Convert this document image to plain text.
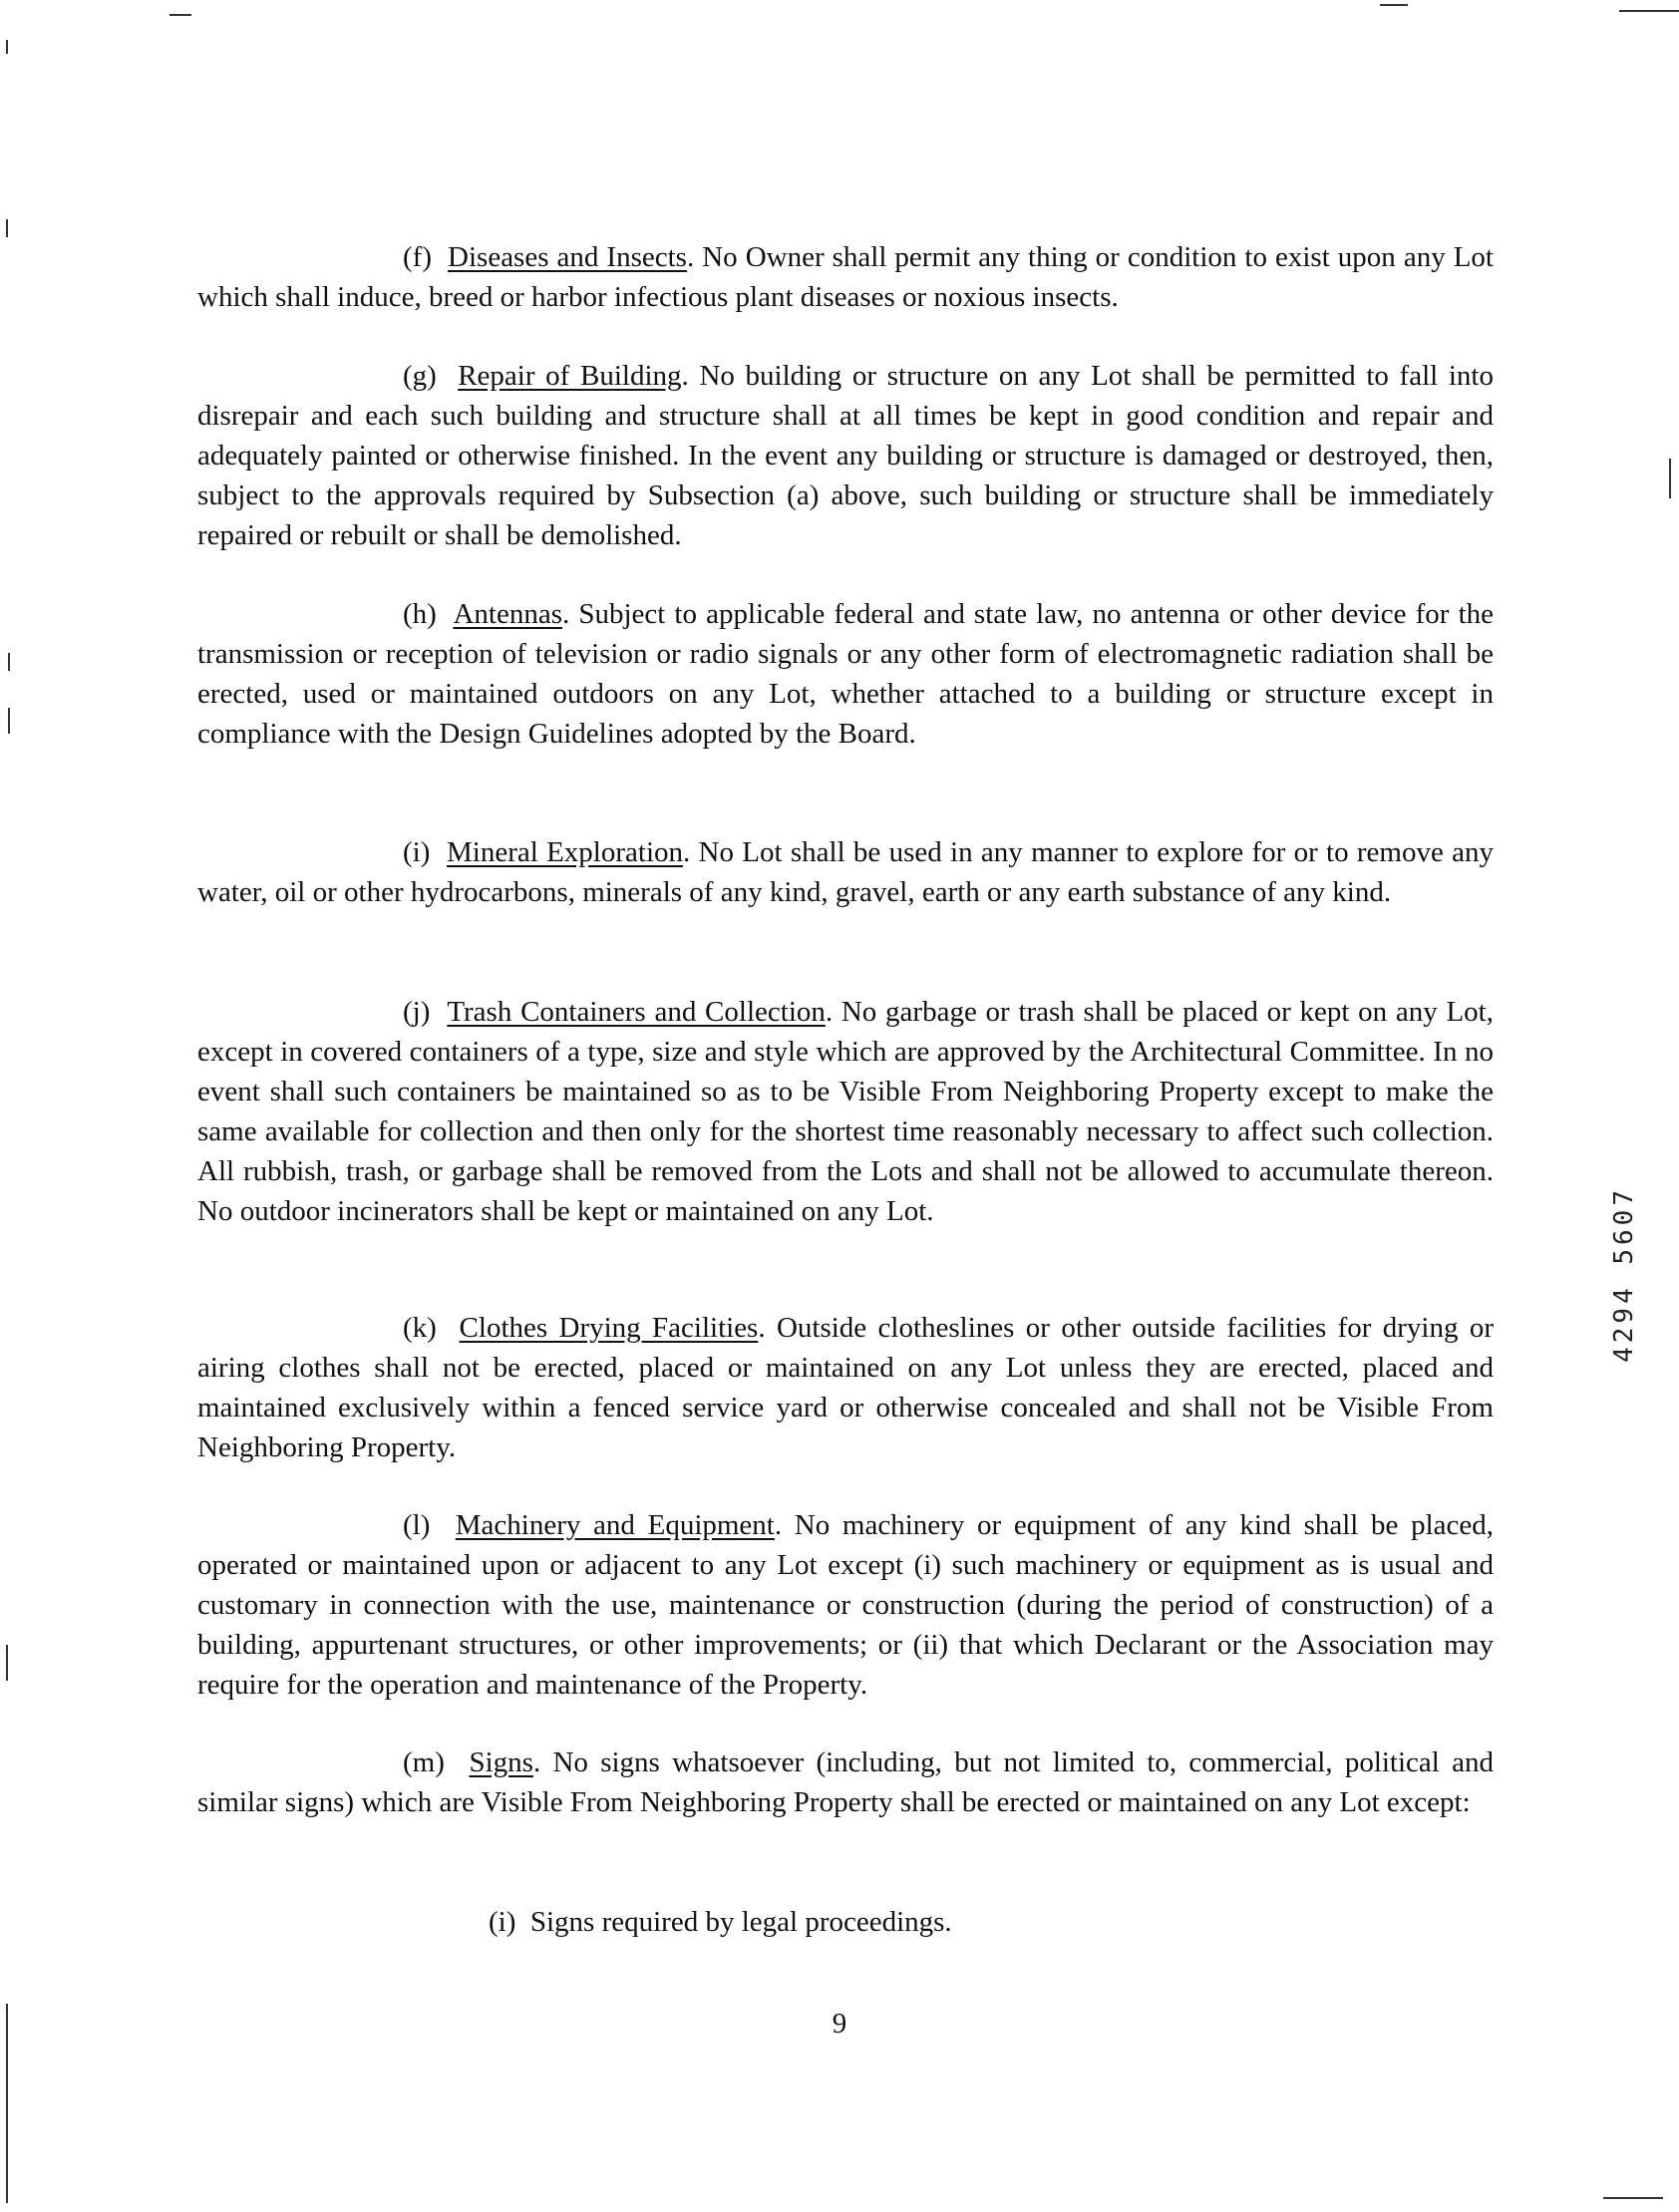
(f) Diseases and Insects. No Owner shall permit any thing or condition to exist upon any Lot which shall induce, breed or harbor infectious plant diseases or noxious insects.

(g) Repair of Building. No building or structure on any Lot shall be permitted to fall into disrepair and each such building and structure shall at all times be kept in good condition and repair and adequately painted or otherwise finished. In the event any building or structure is damaged or destroyed, then, subject to the approvals required by Subsection (a) above, such building or structure shall be immediately repaired or rebuilt or shall be demolished.

(h) Antennas. Subject to applicable federal and state law, no antenna or other device for the transmission or reception of television or radio signals or any other form of electromagnetic radiation shall be erected, used or maintained outdoors on any Lot, whether attached to a building or structure except in compliance with the Design Guidelines adopted by the Board.

(i) Mineral Exploration. No Lot shall be used in any manner to explore for or to remove any water, oil or other hydrocarbons, minerals of any kind, gravel, earth or any earth substance of any kind.

(j) Trash Containers and Collection. No garbage or trash shall be placed or kept on any Lot, except in covered containers of a type, size and style which are approved by the Architectural Committee. In no event shall such containers be maintained so as to be Visible From Neighboring Property except to make the same available for collection and then only for the shortest time reasonably necessary to affect such collection. All rubbish, trash, or garbage shall be removed from the Lots and shall not be allowed to accumulate thereon. No outdoor incinerators shall be kept or maintained on any Lot.

(k) Clothes Drying Facilities. Outside clotheslines or other outside facilities for drying or airing clothes shall not be erected, placed or maintained on any Lot unless they are erected, placed and maintained exclusively within a fenced service yard or otherwise concealed and shall not be Visible From Neighboring Property.

(l) Machinery and Equipment. No machinery or equipment of any kind shall be placed, operated or maintained upon or adjacent to any Lot except (i) such machinery or equipment as is usual and customary in connection with the use, maintenance or construction (during the period of construction) of a building, appurtenant structures, or other improvements; or (ii) that which Declarant or the Association may require for the operation and maintenance of the Property.

(m) Signs. No signs whatsoever (including, but not limited to, commercial, political and similar signs) which are Visible From Neighboring Property shall be erected or maintained on any Lot except:

(i) Signs required by legal proceedings.

4294 5607
9
